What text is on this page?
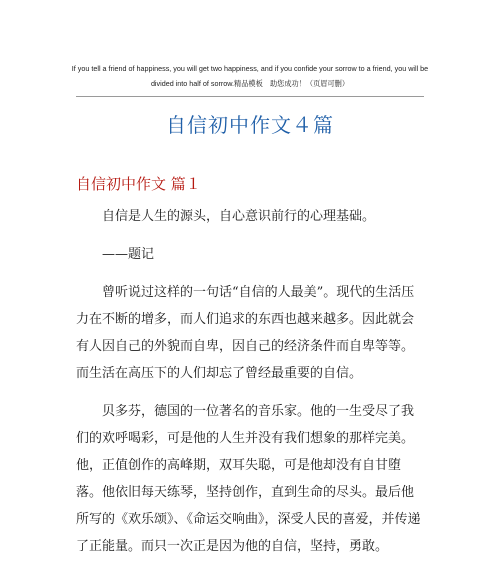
If you tell a friend of happiness, you will get two happiness, and if you confide your sorrow to a friend, you will be
divided into half of sorrow.精品模板　助您成功！（页眉可删）
自信初中作文４篇
自信初中作文 篇１

自信是人生的源头，自心意识前行的心理基础。

——题记

曾听说过这样的一句话“自信的人最美”。现代的生活压力在不断的增多，而人们追求的东西也越来越多。因此就会有人因自己的外貌而自卑，因自己的经济条件而自卑等等。而生活在高压下的人们却忘了曾经最重要的自信。

贝多芬，德国的一位著名的音乐家。他的一生受尽了我们的欢呼喝彩，可是他的人生并没有我们想象的那样完美。他，正值创作的高峰期，双耳失聪，可是他却没有自甘堕落。他依旧每天练琴，坚持创作，直到生命的尽头。最后他所写的《欢乐颂》、《命运交响曲》，深受人民的喜爱，并传递了正能量。而只一次正是因为他的自信，坚持，勇敢。
